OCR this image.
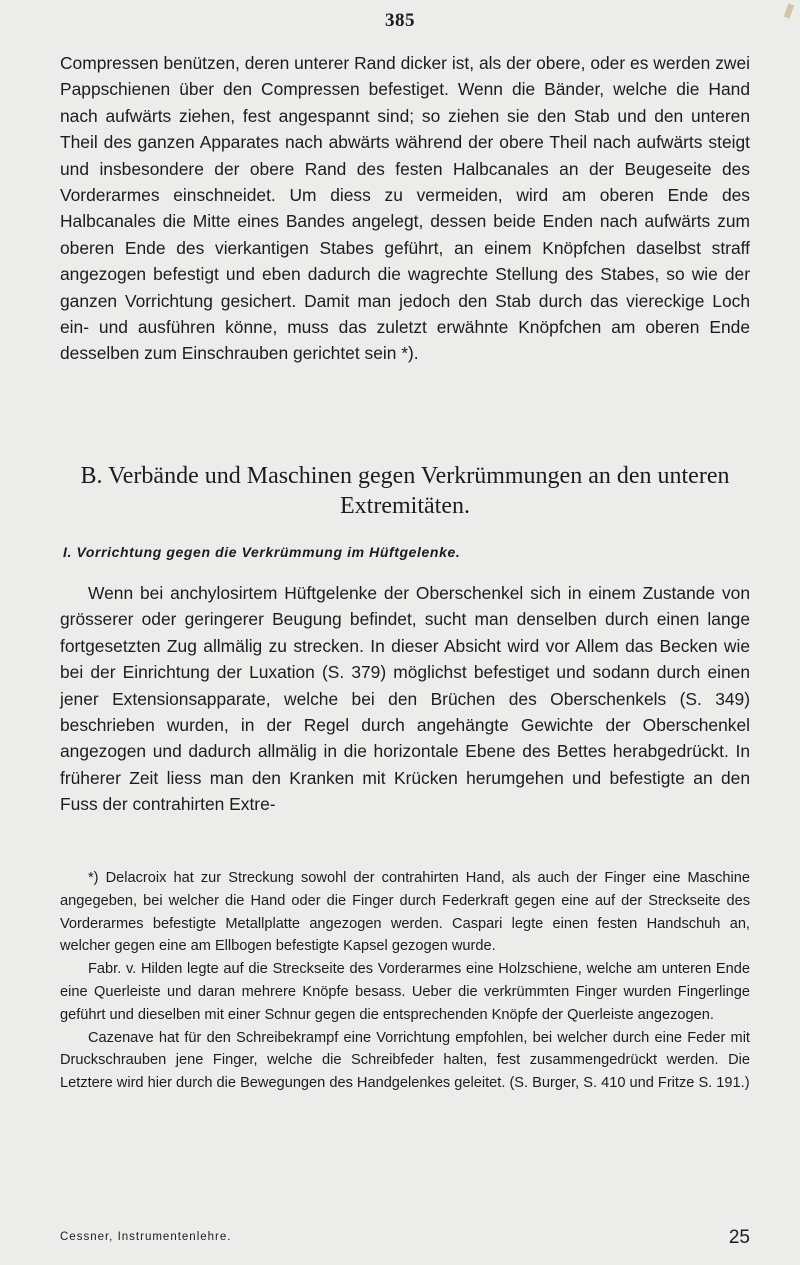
385

Compressen benützen, deren unterer Rand dicker ist, als der obere, oder es werden zwei Pappschienen über den Compressen befestiget. Wenn die Bänder, welche die Hand nach aufwärts ziehen, fest angespannt sind; so ziehen sie den Stab und den unteren Theil des ganzen Apparates nach abwärts während der obere Theil nach aufwärts steigt und insbesondere der obere Rand des festen Halbcanales an der Beugeseite des Vorderarmes einschneidet. Um diess zu vermeiden, wird am oberen Ende des Halbcanales die Mitte eines Bandes angelegt, dessen beide Enden nach aufwärts zum oberen Ende des vierkantigen Stabes geführt, an einem Knöpfchen daselbst straff angezogen befestigt und eben dadurch die wagrechte Stellung des Stabes, so wie der ganzen Vorrichtung gesichert. Damit man jedoch den Stab durch das viereckige Loch ein- und ausführen könne, muss das zuletzt erwähnte Knöpfchen am oberen Ende desselben zum Einschrauben gerichtet sein *).

B. Verbände und Maschinen gegen Verkrümmungen an den unteren Extremitäten.
I. Vorrichtung gegen die Verkrümmung im Hüftgelenke.

Wenn bei anchylosirtem Hüftgelenke der Oberschenkel sich in einem Zustande von grösserer oder geringerer Beugung befindet, sucht man denselben durch einen lange fortgesetzten Zug allmälig zu strecken. In dieser Absicht wird vor Allem das Becken wie bei der Einrichtung der Luxation (S. 379) möglichst befestiget und sodann durch einen jener Extensionsapparate, welche bei den Brüchen des Oberschenkels (S. 349) beschrieben wurden, in der Regel durch angehängte Gewichte der Oberschenkel angezogen und dadurch allmälig in die horizontale Ebene des Bettes herabgedrückt. In früherer Zeit liess man den Kranken mit Krücken herumgehen und befestigte an den Fuss der contrahirten Extre-

*) Delacroix hat zur Streckung sowohl der contrahirten Hand, als auch der Finger eine Maschine angegeben, bei welcher die Hand oder die Finger durch Federkraft gegen eine auf der Streckseite des Vorderarmes befestigte Metallplatte angezogen werden. Caspari legte einen festen Handschuh an, welcher gegen eine am Ellbogen befestigte Kapsel gezogen wurde.

Fabr. v. Hilden legte auf die Streckseite des Vorderarmes eine Holzschiene, welche am unteren Ende eine Querleiste und daran mehrere Knöpfe besass. Ueber die verkrümmten Finger wurden Fingerlinge geführt und dieselben mit einer Schnur gegen die entsprechenden Knöpfe der Querleiste angezogen.

Cazenave hat für den Schreibekrampf eine Vorrichtung empfohlen, bei welcher durch eine Feder mit Druckschrauben jene Finger, welche die Schreibfeder halten, fest zusammengedrückt werden. Die Letztere wird hier durch die Bewegungen des Handgelenkes geleitet. (S. Burger, S. 410 und Fritze S. 191.)

Cessner, Instrumentenlehre.	25
